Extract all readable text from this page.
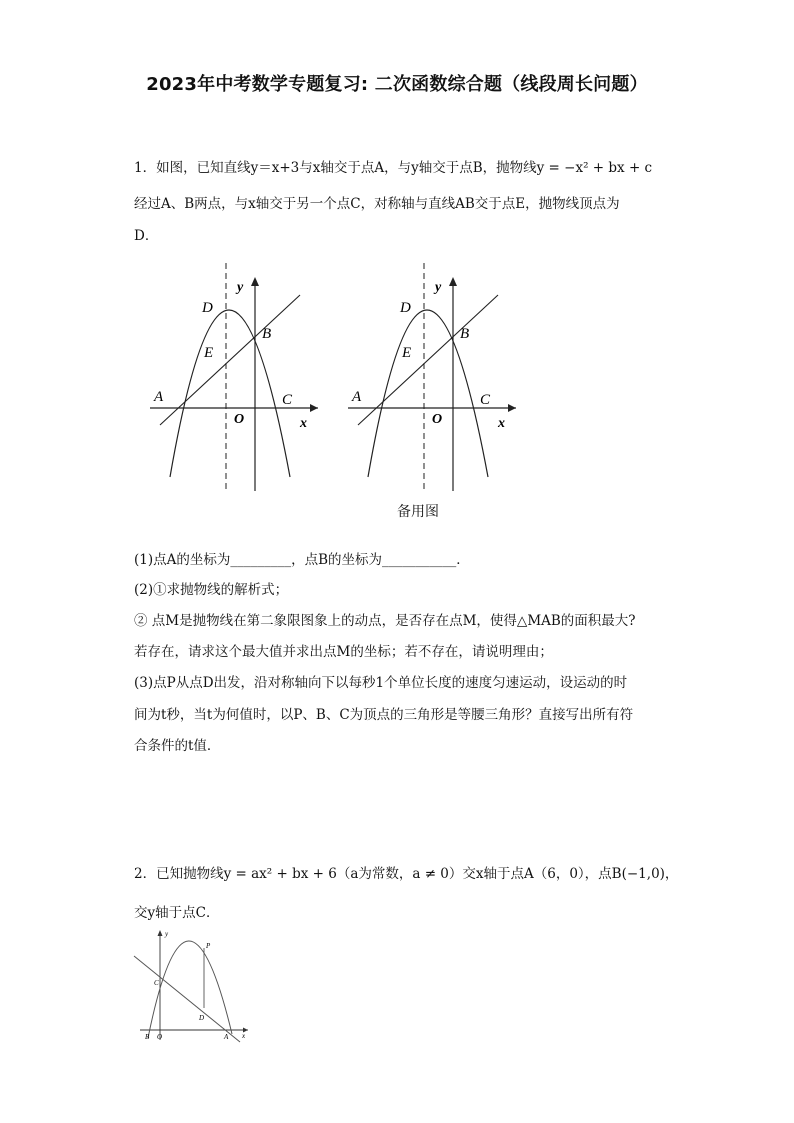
2023年中考数学专题复习: 二次函数综合题（线段周长问题）
1．如图，已知直线y＝x+3与x轴交于点A，与y轴交于点B，抛物线y = −x² + bx + c
经过A、B两点，与x轴交于另一个点C，对称轴与直线AB交于点E，抛物线顶点为
D．
D
B
E
A	C
O	x
y
D
B
E
A	C
O	x
y
备用图
(1)点A的坐标为_________，点B的坐标为___________．
(2)①求抛物线的解析式；
② 点M是抛物线在第二象限图象上的动点，是否存在点M，使得△MAB的面积最大?
若存在，请求这个最大值并求出点M的坐标；若不存在，请说明理由；
(3)点P从点D出发，沿对称轴向下以每秒1个单位长度的速度匀速运动，设运动的时
间为t秒，当t为何值时，以P、B、C为顶点的三角形是等腰三角形？直接写出所有符
合条件的t值．
2．已知抛物线y = ax² + bx + 6（a为常数，a ≠ 0）交x轴于点A（6，0），点B(−1,0)，
交y轴于点C．
y
P
C
D
B O	A x
